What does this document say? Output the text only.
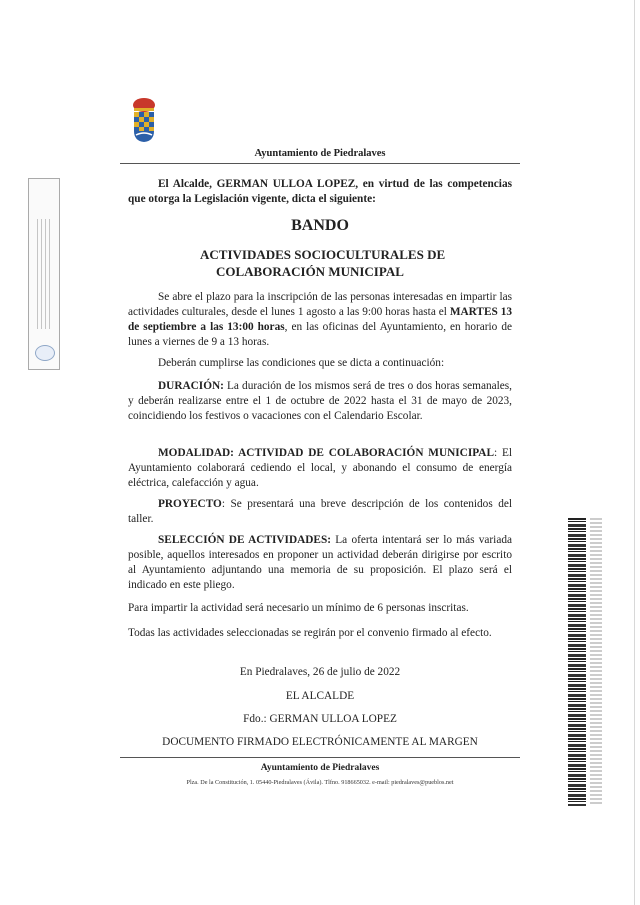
Ayuntamiento de Piedralaves
El Alcalde, GERMAN ULLOA LOPEZ, en virtud de las competencias que otorga la Legislación vigente, dicta el siguiente:
BANDO
ACTIVIDADES SOCIOCULTURALES DE
COLABORACIÓN MUNICIPAL
Se abre el plazo para la inscripción de las personas interesadas en impartir las actividades culturales, desde el lunes 1 agosto a las 9:00 horas hasta el MARTES 13 de septiembre a las 13:00 horas, en las oficinas del Ayuntamiento, en horario de lunes a viernes de 9 a 13 horas.
Deberán cumplirse las condiciones que se dicta a continuación:
DURACIÓN: La duración de los mismos será de tres o dos horas semanales, y deberán realizarse entre el 1 de octubre de 2022 hasta el 31 de mayo de 2023, coincidiendo los festivos o vacaciones con el Calendario Escolar.
MODALIDAD: ACTIVIDAD DE COLABORACIÓN MUNICIPAL: El Ayuntamiento colaborará cediendo el local, y abonando el consumo de energía eléctrica, calefacción y agua.
PROYECTO: Se presentará una breve descripción de los contenidos del taller.
SELECCIÓN DE ACTIVIDADES: La oferta intentará ser lo más variada posible, aquellos interesados en proponer un actividad deberán dirigirse por escrito al Ayuntamiento adjuntando una memoria de su proposición. El plazo será el indicado en este pliego.
Para impartir la actividad será necesario un mínimo de 6 personas inscritas.
Todas las actividades seleccionadas se regirán por el convenio firmado al efecto.
En Piedralaves, 26 de julio de 2022
EL ALCALDE
Fdo.: GERMAN ULLOA LOPEZ
DOCUMENTO FIRMADO ELECTRÓNICAMENTE AL MARGEN
Ayuntamiento de Piedralaves
Plza. De la Constitución, 1. 05440-Piedralaves (Ávila). Tlfno. 918665032. e-mail: piedralaves@pueblos.net
